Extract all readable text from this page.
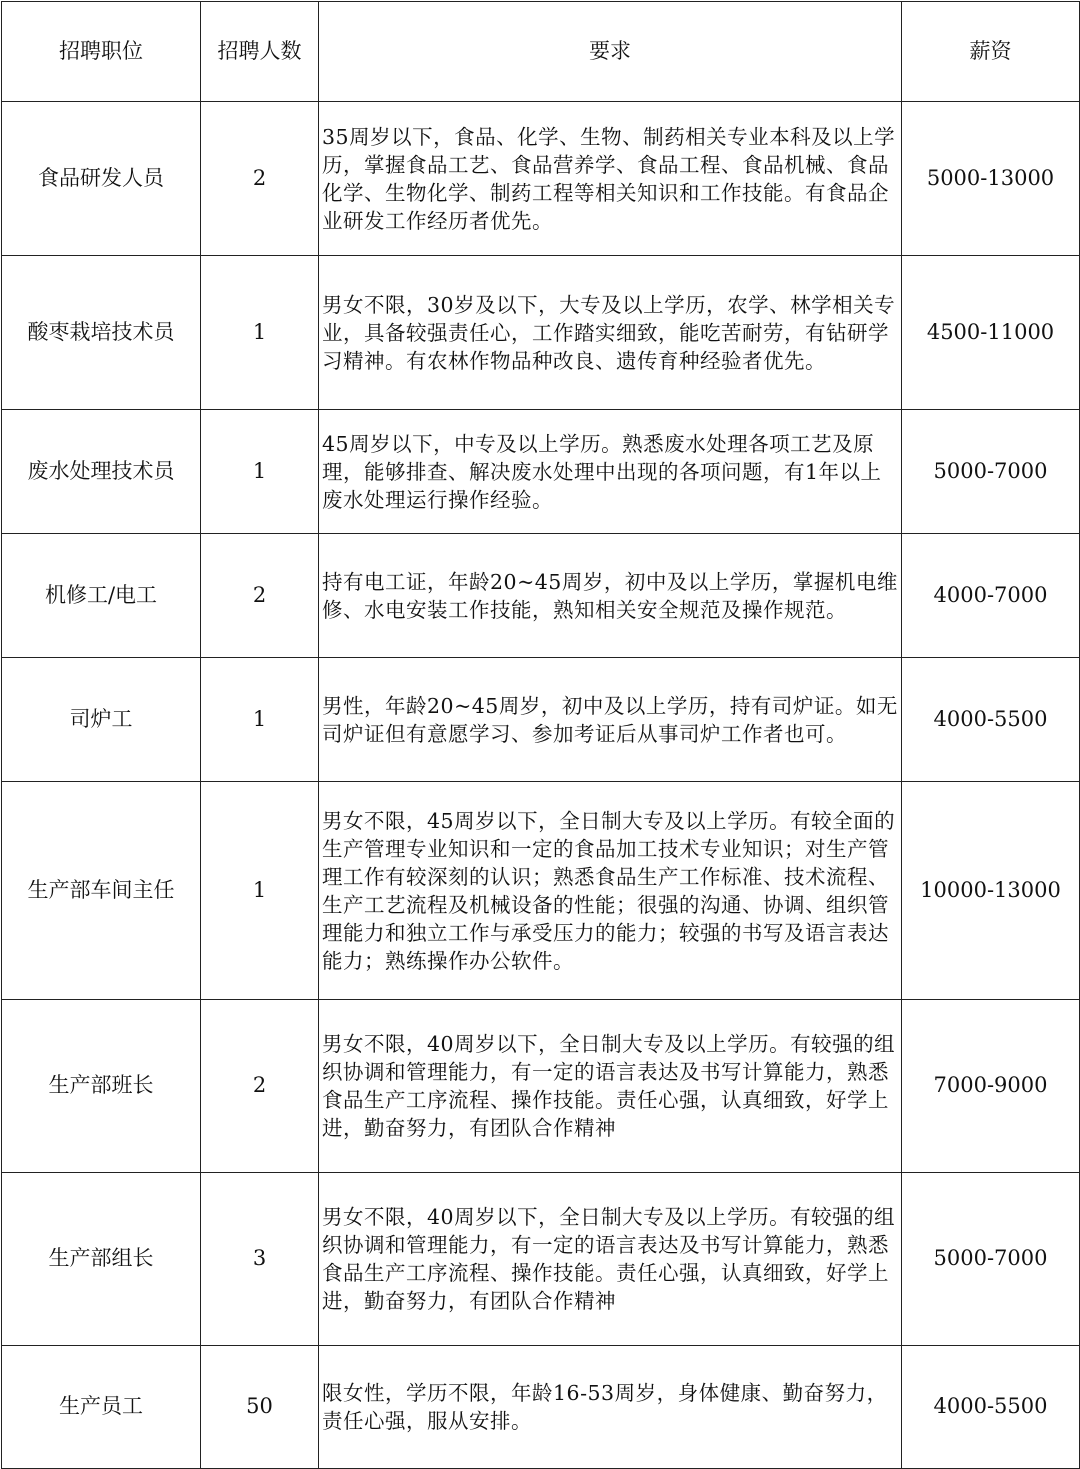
招聘职位	招聘人数	要求	薪资
食品研发人员	2	35周岁以下，食品、化学、生物、制药相关专业本科及以上学历，掌握食品工艺、食品营养学、食品工程、食品机械、食品化学、生物化学、制药工程等相关知识和工作技能。有食品企业研发工作经历者优先。	5000-13000
酸枣栽培技术员	1	男女不限，30岁及以下，大专及以上学历，农学、林学相关专业，具备较强责任心，工作踏实细致，能吃苦耐劳，有钻研学习精神。有农林作物品种改良、遗传育种经验者优先。	4500-11000
废水处理技术员	1	45周岁以下，中专及以上学历。熟悉废水处理各项工艺及原理，能够排查、解决废水处理中出现的各项问题，有1年以上废水处理运行操作经验。	5000-7000
机修工/电工	2	持有电工证，年龄20~45周岁，初中及以上学历，掌握机电维修、水电安装工作技能，熟知相关安全规范及操作规范。	4000-7000
司炉工	1	男性，年龄20~45周岁，初中及以上学历，持有司炉证。如无司炉证但有意愿学习、参加考证后从事司炉工作者也可。	4000-5500
生产部车间主任	1	男女不限，45周岁以下，全日制大专及以上学历。有较全面的生产管理专业知识和一定的食品加工技术专业知识；对生产管理工作有较深刻的认识；熟悉食品生产工作标准、技术流程、生产工艺流程及机械设备的性能；很强的沟通、协调、组织管理能力和独立工作与承受压力的能力；较强的书写及语言表达能力；熟练操作办公软件。	10000-13000
生产部班长	2	男女不限，40周岁以下，全日制大专及以上学历。有较强的组织协调和管理能力，有一定的语言表达及书写计算能力，熟悉食品生产工序流程、操作技能。责任心强，认真细致，好学上进，勤奋努力，有团队合作精神	7000-9000
生产部组长	3	男女不限，40周岁以下，全日制大专及以上学历。有较强的组织协调和管理能力，有一定的语言表达及书写计算能力，熟悉食品生产工序流程、操作技能。责任心强，认真细致，好学上进，勤奋努力，有团队合作精神	5000-7000
生产员工	50	限女性，学历不限，年龄16-53周岁，身体健康、勤奋努力，责任心强，服从安排。	4000-5500
